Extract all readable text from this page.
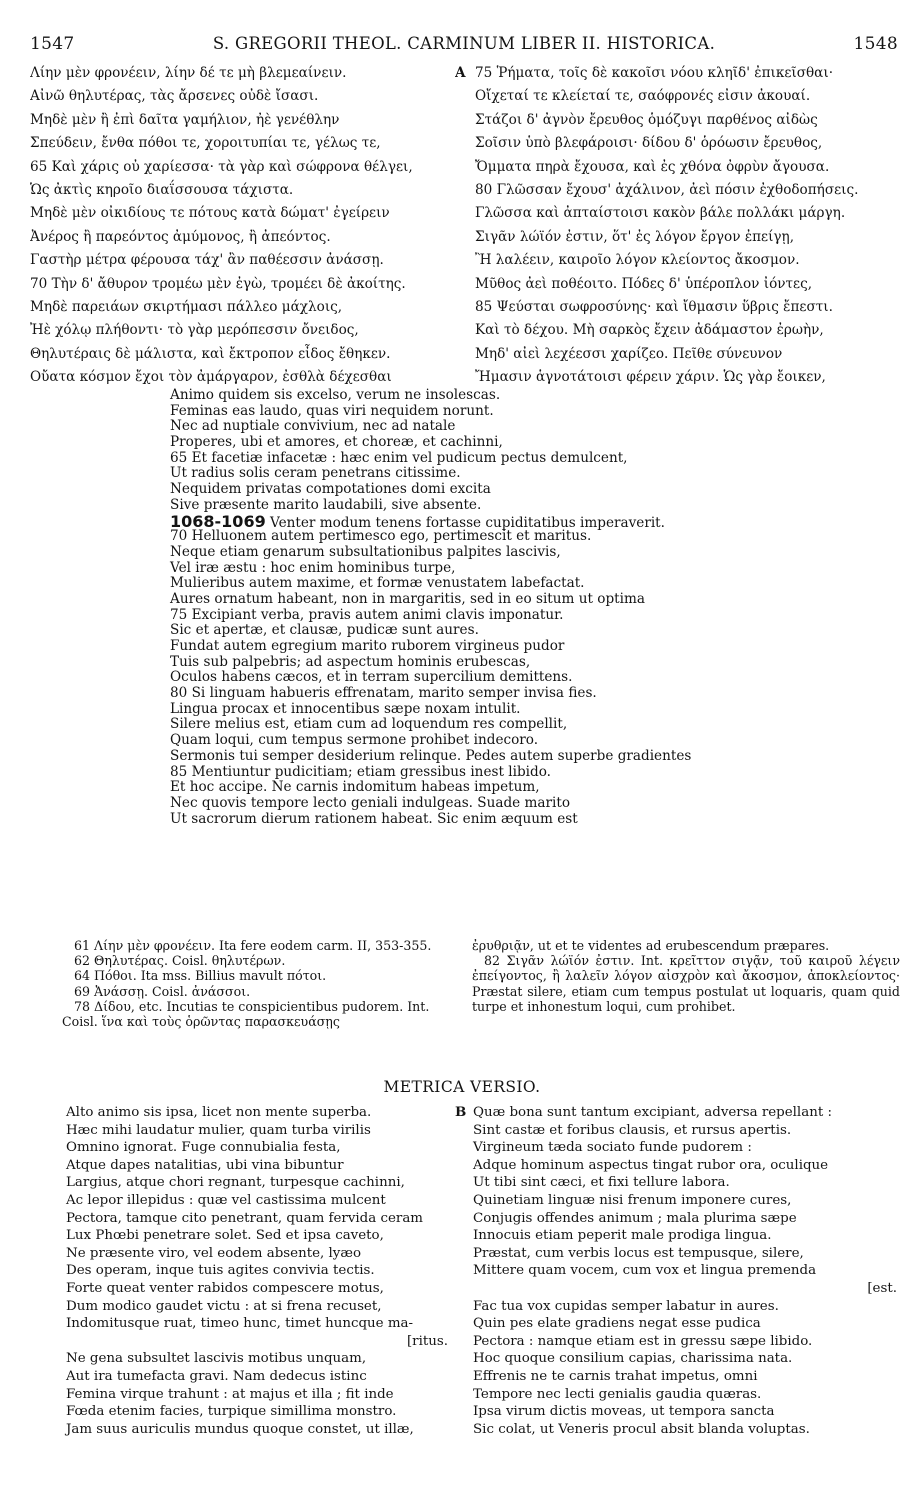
1547	S. GREGORII THEOL. CARMINUM LIBER II. HISTORICA.	1548
Λίην μὲν φρονέειν, λίην δέ τε μὴ βλεμεαίνειν.
Αἰνῶ θηλυτέρας, τὰς ἄρσενες οὐδὲ ἴσασι.
Μηδὲ μὲν ἢ ἐπὶ δαῖτα γαμήλιον, ἠὲ γενέθλην
Σπεύδειν, ἔνθα πόθοι τε, χοροιτυπίαι τε, γέλως τε,
65 Καὶ χάρις οὐ χαρίεσσα· τὰ γὰρ καὶ σώφρονα θέλγει,
Ὡς ἀκτὶς κηροῖο διαΐσσουσα τάχιστα.
Μηδὲ μὲν οἰκιδίους τε πότους κατὰ δώματ' ἐγείρειν
Ἀνέρος ἢ παρεόντος ἀμύμονος, ἢ ἀπεόντος.
Γαστὴρ μέτρα φέρουσα τάχ' ἂν παθέεσσιν ἀνάσσῃ.
70 Τὴν δ' ἄθυρον τρομέω μὲν ἐγὼ, τρομέει δὲ ἀκοίτης.
Μηδὲ παρειάων σκιρτήμασι πάλλεο μάχλοις,
Ἠὲ χόλῳ πλήθοντι· τὸ γὰρ μερόπεσσιν ὄνειδος,
Θηλυτέραις δὲ μάλιστα, καὶ ἔκτροπον εἶδος ἔθηκεν.
Οὔατα κόσμον ἔχοι τὸν ἀμάργαρον, ἐσθλὰ δέχεσθαι
A 75 Ῥήματα, τοῖς δὲ κακοῖσι νόου κληῖδ' ἐπικεῖσθαι·
Οἴχεταί τε κλείεταί τε, σαόφρονές εἰσιν ἀκουαί.
Στάζοι δ' ἀγνὸν ἔρευθος ὁμόζυγι παρθένος αἰδὼς
Σοῖσιν ὑπὸ βλεφάροισι· δίδου δ' ὁρόωσιν ἔρευθος,
Ὄμματα πηρὰ ἔχουσα, καὶ ἐς χθόνα ὀφρὺν ἄγουσα.
80 Γλῶσσαν ἔχουσ' ἀχάλινον, ἀεὶ πόσιν ἐχθοδοπήσεις.
Γλῶσσα καὶ ἀπταίστοισι κακὸν βάλε πολλάκι μάργη.
Σιγᾶν λώϊόν ἐστιν, ὅτ' ἐς λόγον ἔργον ἐπείγῃ,
Ἢ λαλέειν, καιροῖο λόγον κλείοντος ἄκοσμον.
Μῦθος ἀεὶ ποθέοιτο. Πόδες δ' ὑπέροπλον ἰόντες,
85 Ψεύσται σωφροσύνης· καὶ ἴθμασιν ὕβρις ἔπεστι.
Καὶ τὸ δέχου. Μὴ σαρκὸς ἔχειν ἀδάμαστον ἐρωὴν,
Μηδ' αἰεὶ λεχέεσσι χαρίζεο. Πεῖθε σύνευνον
Ἤμασιν ἁγνοτάτοισι φέρειν χάριν. Ὡς γὰρ ἔοικεν,
Animo quidem sis excelso, verum ne insolescas.
Feminas eas laudo, quas viri nequidem norunt.
Nec ad nuptiale convivium, nec ad natale
Properes, ubi et amores, et choreæ, et cachinni,
65 Et facetiæ infacetæ : hæc enim vel pudicum pectus demulcent,
Ut radius solis ceram penetrans citissime.
Nequidem privatas compotationes domi excita
Sive præsente marito laudabili, sive absente.
1068-1069 Venter modum tenens fortasse cupiditatibus imperaverit.
70 Helluonem autem pertimesco ego, pertimescit et maritus.
Neque etiam genarum subsultationibus palpites lascivis,
Vel iræ æstu : hoc enim hominibus turpe,
Mulieribus autem maxime, et formæ venustatem labefactat.
Aures ornatum habeant, non in margaritis, sed in eo situm ut optima
75 Excipiant verba, pravis autem animi clavis imponatur.
Sic et apertæ, et clausæ, pudicæ sunt aures.
Fundat autem egregium marito ruborem virgineus pudor
Tuis sub palpebris; ad aspectum hominis erubescas,
Oculos habens cæcos, et in terram supercilium demittens.
80 Si linguam habueris effrenatam, marito semper invisa fies.
Lingua procax et innocentibus sæpe noxam intulit.
Silere melius est, etiam cum ad loquendum res compellit,
Quam loqui, cum tempus sermone prohibet indecoro.
Sermonis tui semper desiderium relinque. Pedes autem superbe gradientes
85 Mentiuntur pudicitiam; etiam gressibus inest libido.
Et hoc accipe. Ne carnis indomitum habeas impetum,
Nec quovis tempore lecto geniali indulgeas. Suade marito
Ut sacrorum dierum rationem habeat. Sic enim æquum est

61 Λίην μὲν φρονέειν. Ita fere eodem carm. II, 353-355.

62 Θηλυτέρας. Coisl. θηλυτέρων.

64 Πόθοι. Ita mss. Billius mavult πότοι.

69 Ἀνάσσῃ. Coisl. ἀνάσσοι.

78 Δίδου, etc. Incutias te conspicientibus pudorem. Int. Coisl. ἵνα καὶ τοὺς ὁρῶντας παρασκευάσῃς

ἐρυθριᾷν, ut et te videntes ad erubescendum præpares.

82 Σιγᾶν λώϊόν ἐστιν. Int. κρεῖττον σιγᾷν, τοῦ καιροῦ λέγειν ἐπείγοντος, ἢ λαλεῖν λόγον αἰσχρὸν καὶ ἄκοσμον, ἀποκλείοντος· Præstat silere, etiam cum tempus postulat ut loquaris, quam quid turpe et inhonestum loqui, cum prohibet.

METRICA VERSIO.
Alto animo sis ipsa, licet non mente superba.
Hæc mihi laudatur mulier, quam turba virilis
Omnino ignorat. Fuge connubialia festa,
Atque dapes natalitias, ubi vina bibuntur
Largius, atque chori regnant, turpesque cachinni,
Ac lepor illepidus : quæ vel castissima mulcent
Pectora, tamque cito penetrant, quam fervida ceram
Lux Phœbi penetrare solet. Sed et ipsa caveto,
Ne præsente viro, vel eodem absente, lyæo
Des operam, inque tuis agites convivia tectis.
Forte queat venter rabidos compescere motus,
Dum modico gaudet victu : at si frena recuset,
Indomitusque ruat, timeo hunc, timet huncque ma-
[ritus.
Ne gena subsultet lascivis motibus unquam,
Aut ira tumefacta gravi. Nam dedecus istinc
Femina virque trahunt : at majus et illa ; fit inde
Fœda etenim facies, turpique simillima monstro.
Jam suus auriculis mundus quoque constet, ut illæ,
B Quæ bona sunt tantum excipiant, adversa repellant :
Sint castæ et foribus clausis, et rursus apertis.
Virgineum tæda sociato funde pudorem :
Adque hominum aspectus tingat rubor ora, oculique
Ut tibi sint cæci, et fixi tellure labora.
Quinetiam linguæ nisi frenum imponere cures,
Conjugis offendes animum ; mala plurima sæpe
Innocuis etiam peperit male prodiga lingua.
Præstat, cum verbis locus est tempusque, silere,
Mittere quam vocem, cum vox et lingua premenda
[est.
Fac tua vox cupidas semper labatur in aures.
Quin pes elate gradiens negat esse pudica
Pectora : namque etiam est in gressu sæpe libido.
Hoc quoque consilium capias, charissima nata.
Effrenis ne te carnis trahat impetus, omni
Tempore nec lecti genialis gaudia quæras.
Ipsa virum dictis moveas, ut tempora sancta
Sic colat, ut Veneris procul absit blanda voluptas.
